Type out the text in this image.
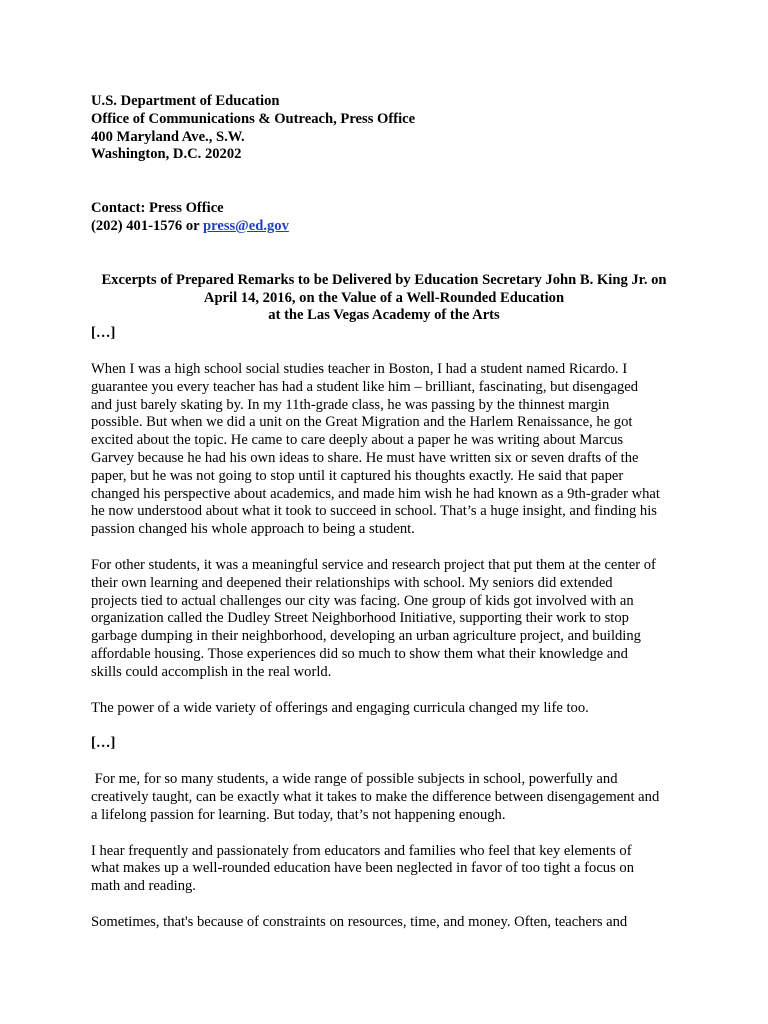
U.S. Department of Education
Office of Communications & Outreach, Press Office
400 Maryland Ave., S.W.
Washington, D.C. 20202
Contact: Press Office
(202) 401-1576 or press@ed.gov
Excerpts of Prepared Remarks to be Delivered by Education Secretary John B. King Jr. on
April 14, 2016, on the Value of a Well-Rounded Education
at the Las Vegas Academy of the Arts
[…]

When I was a high school social studies teacher in Boston, I had a student named Ricardo. I
guarantee you every teacher has had a student like him – brilliant, fascinating, but disengaged
and just barely skating by. In my 11th-grade class, he was passing by the thinnest margin
possible. But when we did a unit on the Great Migration and the Harlem Renaissance, he got
excited about the topic. He came to care deeply about a paper he was writing about Marcus
Garvey because he had his own ideas to share. He must have written six or seven drafts of the
paper, but he was not going to stop until it captured his thoughts exactly. He said that paper
changed his perspective about academics, and made him wish he had known as a 9th-grader what
he now understood about what it took to succeed in school. That’s a huge insight, and finding his
passion changed his whole approach to being a student.

For other students, it was a meaningful service and research project that put them at the center of
their own learning and deepened their relationships with school. My seniors did extended
projects tied to actual challenges our city was facing. One group of kids got involved with an
organization called the Dudley Street Neighborhood Initiative, supporting their work to stop
garbage dumping in their neighborhood, developing an urban agriculture project, and building
affordable housing. Those experiences did so much to show them what their knowledge and
skills could accomplish in the real world.

The power of a wide variety of offerings and engaging curricula changed my life too.

[…]

For me, for so many students, a wide range of possible subjects in school, powerfully and
creatively taught, can be exactly what it takes to make the difference between disengagement and
a lifelong passion for learning. But today, that’s not happening enough.

I hear frequently and passionately from educators and families who feel that key elements of
what makes up a well-rounded education have been neglected in favor of too tight a focus on
math and reading.

Sometimes, that's because of constraints on resources, time, and money. Often, teachers and
